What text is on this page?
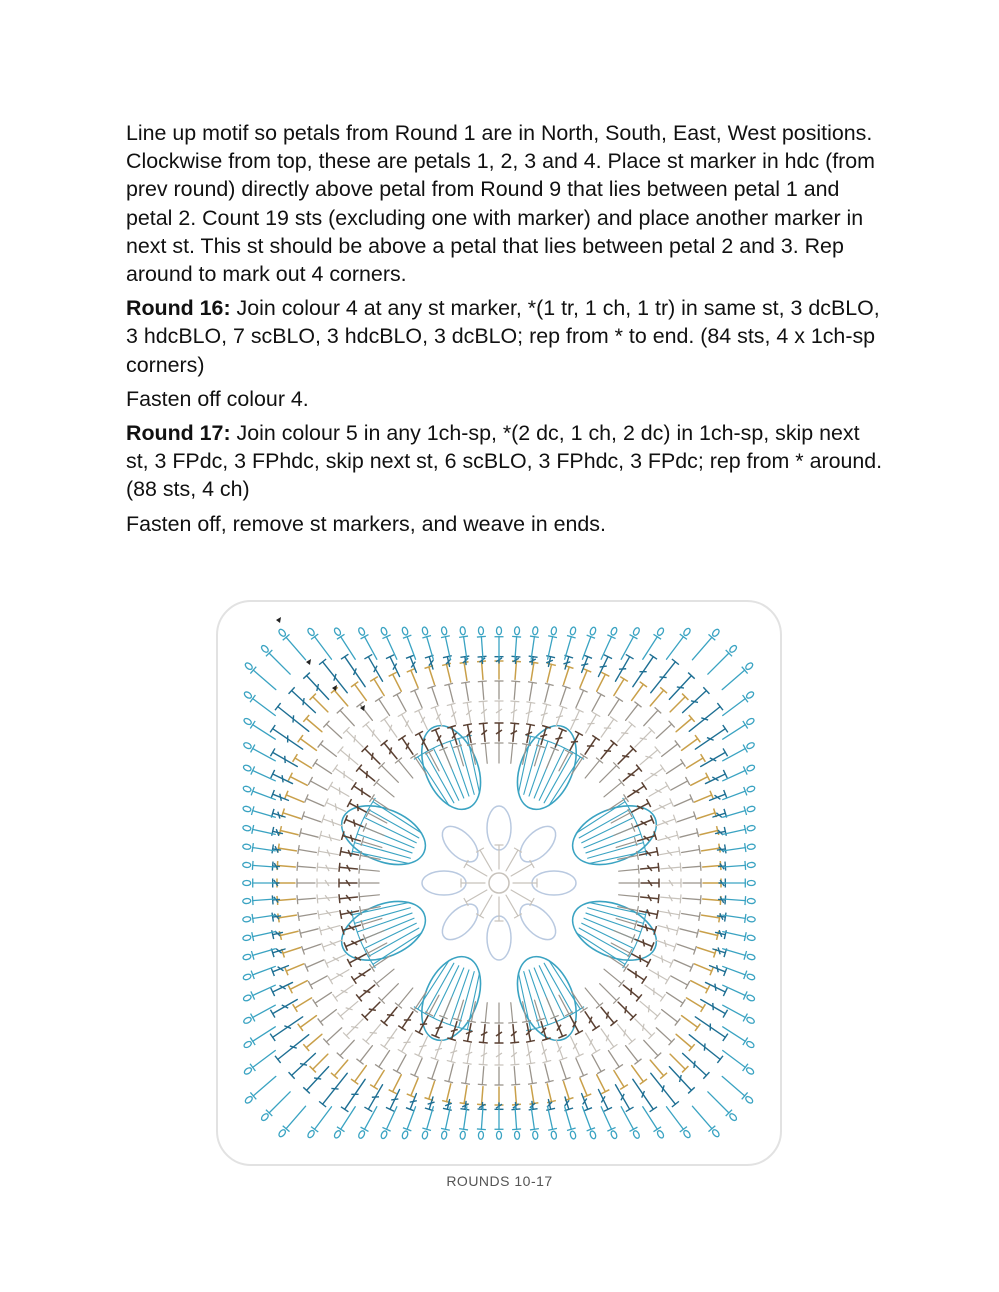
Line up motif so petals from Round 1 are in North, South, East, West positions. Clockwise from top, these are petals 1, 2, 3 and 4. Place st marker in hdc (from prev round) directly above petal from Round 9 that lies between petal 1 and petal 2. Count 19 sts (excluding one with marker) and place another marker in next st. This st should be above a petal that lies between petal 2 and 3. Rep around to mark out 4 corners.

Round 16: Join colour 4 at any st marker, *(1 tr, 1 ch, 1 tr) in same st, 3 dcBLO, 3 hdcBLO, 7 scBLO, 3 hdcBLO, 3 dcBLO; rep from * to end. (84 sts, 4 x 1ch-sp corners)

Fasten off colour 4.

Round 17: Join colour 5 in any 1ch-sp, *(2 dc, 1 ch, 2 dc) in 1ch-sp, skip next st, 3 FPdc, 3 FPhdc, skip next st, 6 scBLO, 3 FPhdc, 3 FPdc; rep from * around. (88 sts, 4 ch)

Fasten off, remove st markers, and weave in ends.

ROUNDS 10-17
